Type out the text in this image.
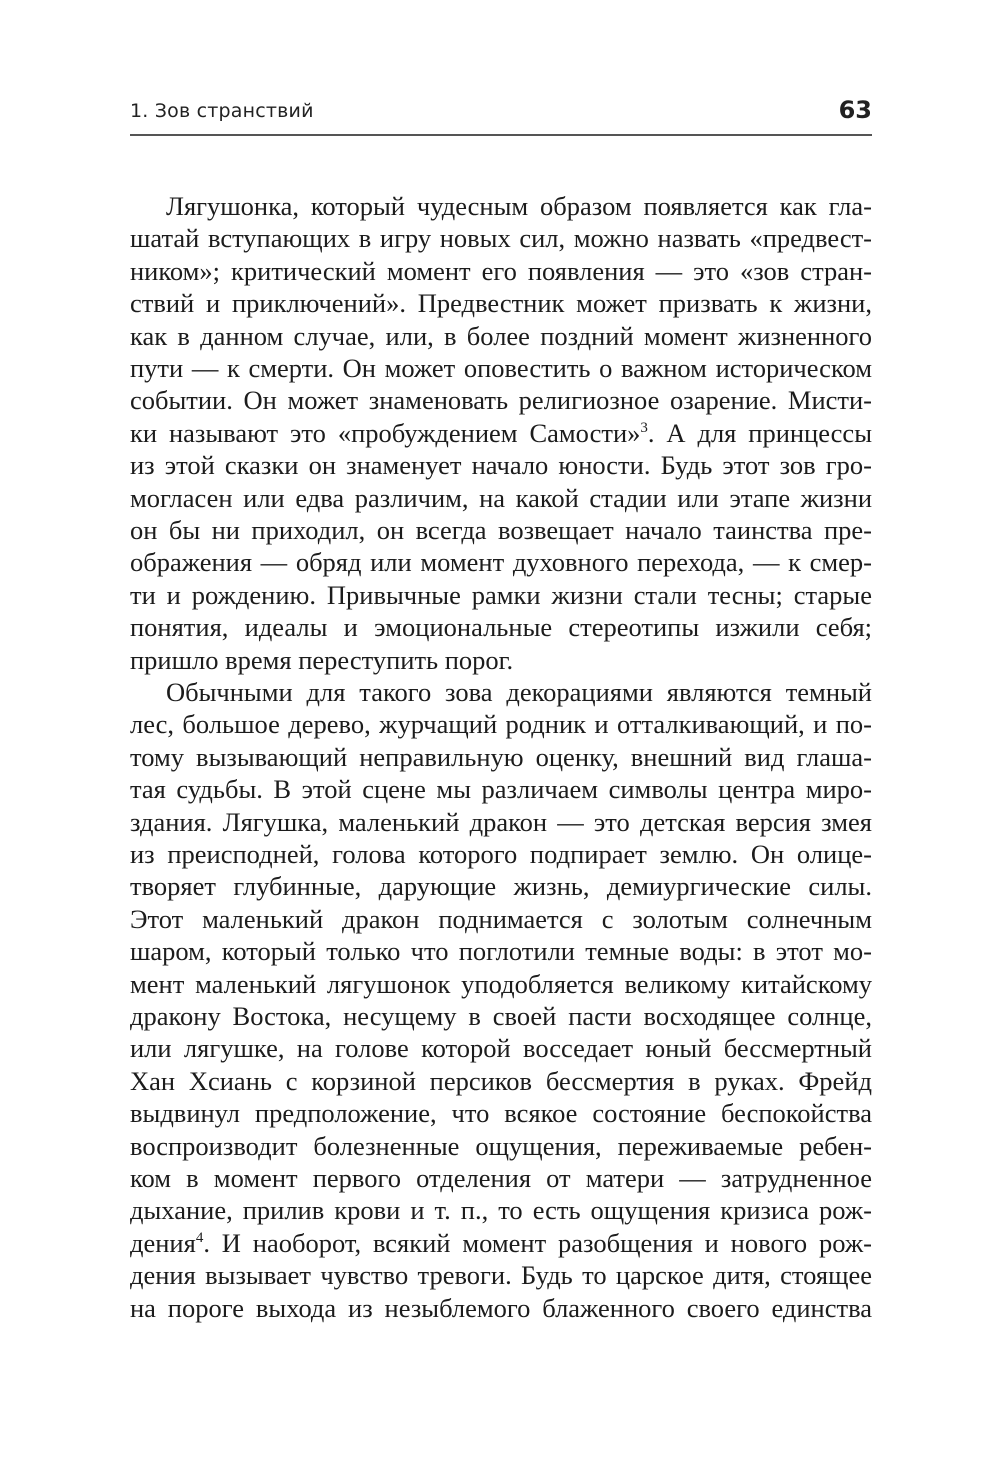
1. Зов странствий	63
Лягушонка, который чудесным образом появляется как гла-
шатай вступающих в игру новых сил, можно назвать «предвест-
ником»; критический момент его появления — это «зов стран-
ствий и приключений». Предвестник может призвать к жизни,
как в данном случае, или, в более поздний момент жизненного
пути — к смерти. Он может оповестить о важном историческом
событии. Он может знаменовать религиозное озарение. Мисти-
ки называют это «пробуждением Самости»$^3$. А для принцессы
из этой сказки он знаменует начало юности. Будь этот зов гро-
могласен или едва различим, на какой стадии или этапе жизни
он бы ни приходил, он всегда возвещает начало таинства пре-
ображения — обряд или момент духовного перехода, — к смер-
ти и рождению. Привычные рамки жизни стали тесны; старые
понятия, идеалы и эмоциональные стереотипы изжили себя;
пришло время переступить порог.
Обычными для такого зова декорациями являются темный
лес, большое дерево, журчащий родник и отталкивающий, и по-
тому вызывающий неправильную оценку, внешний вид глаша-
тая судьбы. В этой сцене мы различаем символы центра миро-
здания. Лягушка, маленький дракон — это детская версия змея
из преисподней, голова которого подпирает землю. Он олице-
творяет глубинные, дарующие жизнь, демиургические силы.
Этот маленький дракон поднимается с золотым солнечным
шаром, который только что поглотили темные воды: в этот мо-
мент маленький лягушонок уподобляется великому китайскому
дракону Востока, несущему в своей пасти восходящее солнце,
или лягушке, на голове которой восседает юный бессмертный
Хан Хсиань с корзиной персиков бессмертия в руках. Фрейд
выдвинул предположение, что всякое состояние беспокойства
воспроизводит болезненные ощущения, переживаемые ребен-
ком в момент первого отделения от матери — затрудненное
дыхание, прилив крови и т. п., то есть ощущения кризиса рож-
дения$^4$. И наоборот, всякий момент разобщения и нового рож-
дения вызывает чувство тревоги. Будь то царское дитя, стоящее
на пороге выхода из незыблемого блаженного своего единства
